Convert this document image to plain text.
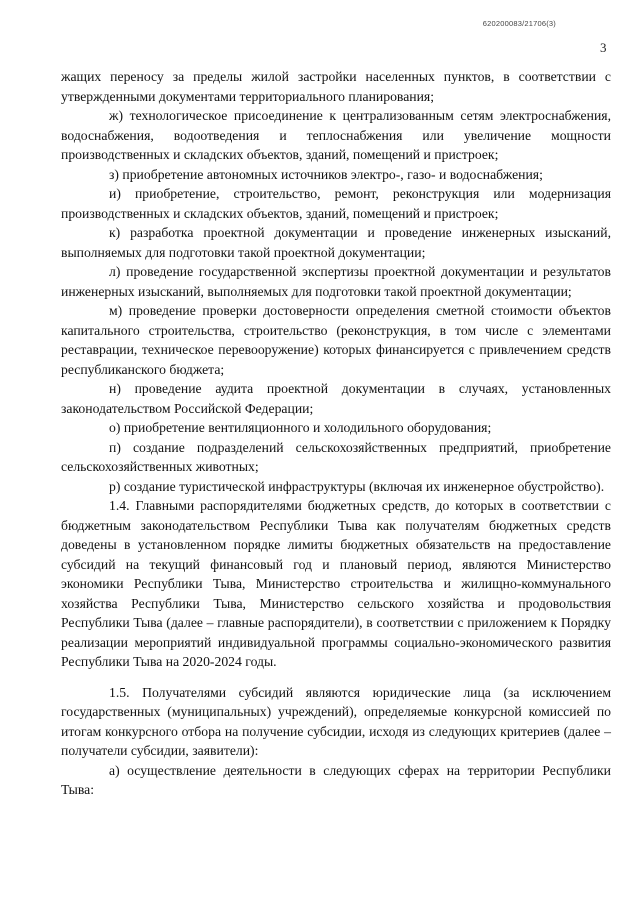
620200083/21706(3)
3

жащих переносу за пределы жилой застройки населенных пунктов, в соответствии с утвержденными документами территориального планирования;

ж) технологическое присоединение к централизованным сетям электроснабжения, водоснабжения, водоотведения и теплоснабжения или увеличение мощности производственных и складских объектов, зданий, помещений и пристроек;

з) приобретение автономных источников электро-, газо- и водоснабжения;

и) приобретение, строительство, ремонт, реконструкция или модернизация производственных и складских объектов, зданий, помещений и пристроек;

к) разработка проектной документации и проведение инженерных изысканий, выполняемых для подготовки такой проектной документации;

л) проведение государственной экспертизы проектной документации и результатов инженерных изысканий, выполняемых для подготовки такой проектной документации;

м) проведение проверки достоверности определения сметной стоимости объектов капитального строительства, строительство (реконструкция, в том числе с элементами реставрации, техническое перевооружение) которых финансируется с привлечением средств республиканского бюджета;

н) проведение аудита проектной документации в случаях, установленных законодательством Российской Федерации;

о) приобретение вентиляционного и холодильного оборудования;

п) создание подразделений сельскохозяйственных предприятий, приобретение сельскохозяйственных животных;

р) создание туристической инфраструктуры (включая их инженерное обустройство).

1.4. Главными распорядителями бюджетных средств, до которых в соответствии с бюджетным законодательством Республики Тыва как получателям бюджетных средств доведены в установленном порядке лимиты бюджетных обязательств на предоставление субсидий на текущий финансовый год и плановый период, являются Министерство экономики Республики Тыва, Министерство строительства и жилищно-коммунального хозяйства Республики Тыва, Министерство сельского хозяйства и продовольствия Республики Тыва (далее – главные распорядители), в соответствии с приложением к Порядку реализации мероприятий индивидуальной программы социально-экономического развития Республики Тыва на 2020-2024 годы.

1.5. Получателями субсидий являются юридические лица (за исключением государственных (муниципальных) учреждений), определяемые конкурсной комиссией по итогам конкурсного отбора на получение субсидии, исходя из следующих критериев (далее – получатели субсидии, заявители):

а) осуществление деятельности в следующих сферах на территории Республики Тыва:
